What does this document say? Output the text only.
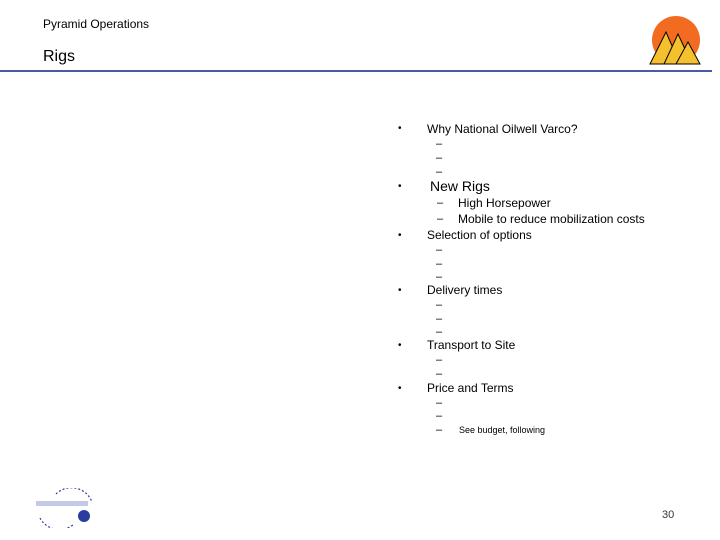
Pyramid Operations
Rigs
• Why National Oilwell Varco?
–
–
–
• New Rigs
– High Horsepower
– Mobile to reduce mobilization costs
• Selection of options
–
–
–
• Delivery times
–
–
–
• Transport to Site
–
–
• Price and Terms
–
–
– See budget, following
30
